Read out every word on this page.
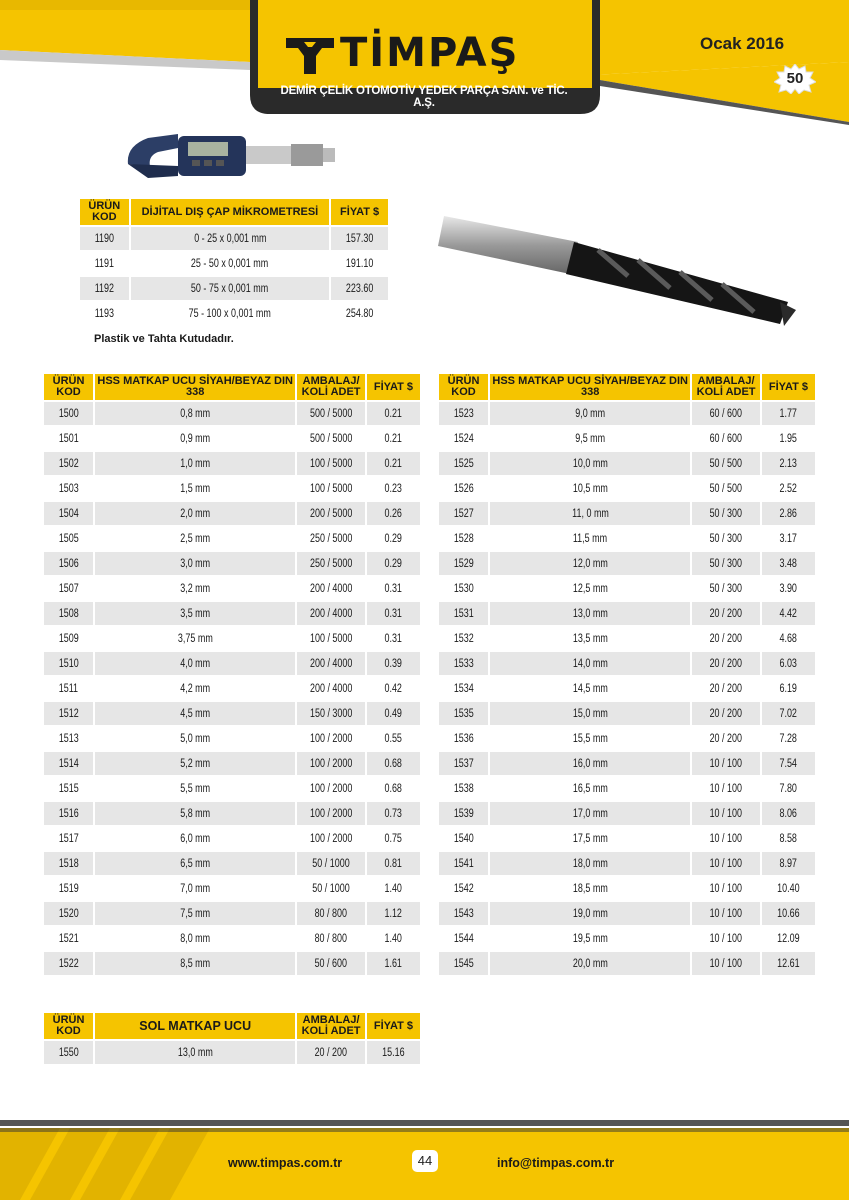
TİMPAŞ
DEMİR ÇELİK OTOMOTİV YEDEK PARÇA SAN. ve TİC. A.Ş.
Ocak 2016
50
ÜRÜN KOD	DİJİTAL DIŞ ÇAP MİKROMETRESİ	FİYAT $
1190	0 - 25 x 0,001 mm	157.30
1191	25 - 50 x 0,001 mm	191.10
1192	50 - 75 x 0,001 mm	223.60
1193	75 - 100 x 0,001 mm	254.80
Plastik ve Tahta Kutudadır.
ÜRÜN KOD	HSS MATKAP UCU SİYAH/BEYAZ DIN 338	AMBALAJ/ KOLİ ADET	FİYAT $
1500	0,8 mm	500 / 5000	0.21
1501	0,9 mm	500 / 5000	0.21
1502	1,0 mm	100 / 5000	0.21
1503	1,5 mm	100 / 5000	0.23
1504	2,0 mm	200 / 5000	0.26
1505	2,5 mm	250 / 5000	0.29
1506	3,0 mm	250 / 5000	0.29
1507	3,2 mm	200 / 4000	0.31
1508	3,5 mm	200 / 4000	0.31
1509	3,75 mm	100 / 5000	0.31
1510	4,0 mm	200 / 4000	0.39
1511	4,2 mm	200 / 4000	0.42
1512	4,5 mm	150 / 3000	0.49
1513	5,0 mm	100 / 2000	0.55
1514	5,2 mm	100 / 2000	0.68
1515	5,5 mm	100 / 2000	0.68
1516	5,8 mm	100 / 2000	0.73
1517	6,0 mm	100 / 2000	0.75
1518	6,5 mm	50 / 1000	0.81
1519	7,0 mm	50 / 1000	1.40
1520	7,5 mm	80 / 800	1.12
1521	8,0 mm	80 / 800	1.40
1522	8,5 mm	50 / 600	1.61
ÜRÜN KOD	HSS MATKAP UCU SİYAH/BEYAZ DIN 338	AMBALAJ/ KOLİ ADET	FİYAT $
1523	9,0 mm	60 / 600	1.77
1524	9,5 mm	60 / 600	1.95
1525	10,0 mm	50 / 500	2.13
1526	10,5 mm	50 / 500	2.52
1527	11, 0 mm	50 / 300	2.86
1528	11,5 mm	50 / 300	3.17
1529	12,0 mm	50 / 300	3.48
1530	12,5 mm	50 / 300	3.90
1531	13,0 mm	20 / 200	4.42
1532	13,5 mm	20 / 200	4.68
1533	14,0 mm	20 / 200	6.03
1534	14,5 mm	20 / 200	6.19
1535	15,0 mm	20 / 200	7.02
1536	15,5 mm	20 / 200	7.28
1537	16,0 mm	10 / 100	7.54
1538	16,5 mm	10 / 100	7.80
1539	17,0 mm	10 / 100	8.06
1540	17,5 mm	10 / 100	8.58
1541	18,0 mm	10 / 100	8.97
1542	18,5 mm	10 / 100	10.40
1543	19,0 mm	10 / 100	10.66
1544	19,5 mm	10 / 100	12.09
1545	20,0 mm	10 / 100	12.61
ÜRÜN KOD	SOL MATKAP UCU	AMBALAJ/ KOLİ ADET	FİYAT $
1550	13,0 mm	20 / 200	15.16
www.timpas.com.tr	44	info@timpas.com.tr
